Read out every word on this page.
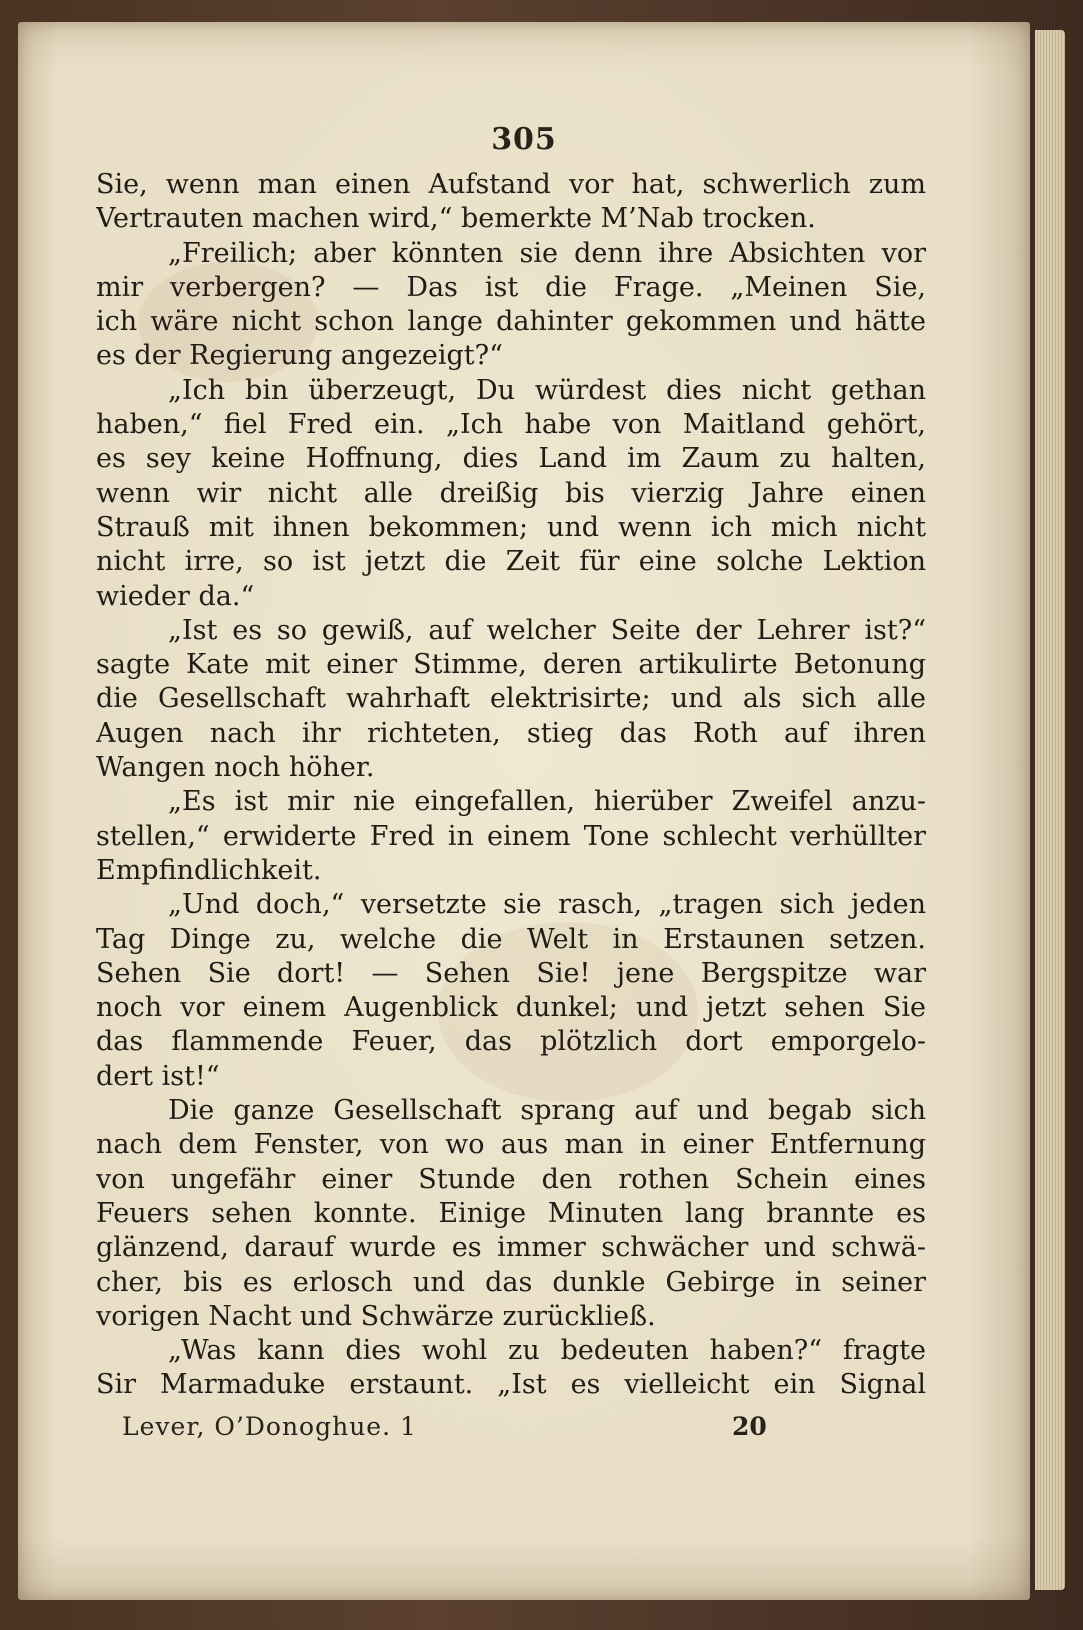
305
Sie, wenn man einen Aufstand vor hat, schwerlich zum
Vertrauten machen wird,“ bemerkte M’Nab trocken.
„Freilich; aber könnten sie denn ihre Absichten vor
mir verbergen? — Das ist die Frage. „Meinen Sie,
ich wäre nicht schon lange dahinter gekommen und hätte
es der Regierung angezeigt?“
„Ich bin überzeugt, Du würdest dies nicht gethan
haben,“ fiel Fred ein. „Ich habe von Maitland gehört,
es sey keine Hoffnung, dies Land im Zaum zu halten,
wenn wir nicht alle dreißig bis vierzig Jahre einen
Strauß mit ihnen bekommen; und wenn ich mich nicht
nicht irre, so ist jetzt die Zeit für eine solche Lektion
wieder da.“
„Ist es so gewiß, auf welcher Seite der Lehrer ist?“
sagte Kate mit einer Stimme, deren artikulirte Betonung
die Gesellschaft wahrhaft elektrisirte; und als sich alle
Augen nach ihr richteten, stieg das Roth auf ihren
Wangen noch höher.
„Es ist mir nie eingefallen, hierüber Zweifel anzu-
stellen,“ erwiderte Fred in einem Tone schlecht verhüllter
Empfindlichkeit.
„Und doch,“ versetzte sie rasch, „tragen sich jeden
Tag Dinge zu, welche die Welt in Erstaunen setzen.
Sehen Sie dort! — Sehen Sie! jene Bergspitze war
noch vor einem Augenblick dunkel; und jetzt sehen Sie
das flammende Feuer, das plötzlich dort emporgelo-
dert ist!“
Die ganze Gesellschaft sprang auf und begab sich
nach dem Fenster, von wo aus man in einer Entfernung
von ungefähr einer Stunde den rothen Schein eines
Feuers sehen konnte. Einige Minuten lang brannte es
glänzend, darauf wurde es immer schwächer und schwä-
cher, bis es erlosch und das dunkle Gebirge in seiner
vorigen Nacht und Schwärze zurückließ.
„Was kann dies wohl zu bedeuten haben?“ fragte
Sir Marmaduke erstaunt. „Ist es vielleicht ein Signal
Lever, O’Donoghue. 1	20
